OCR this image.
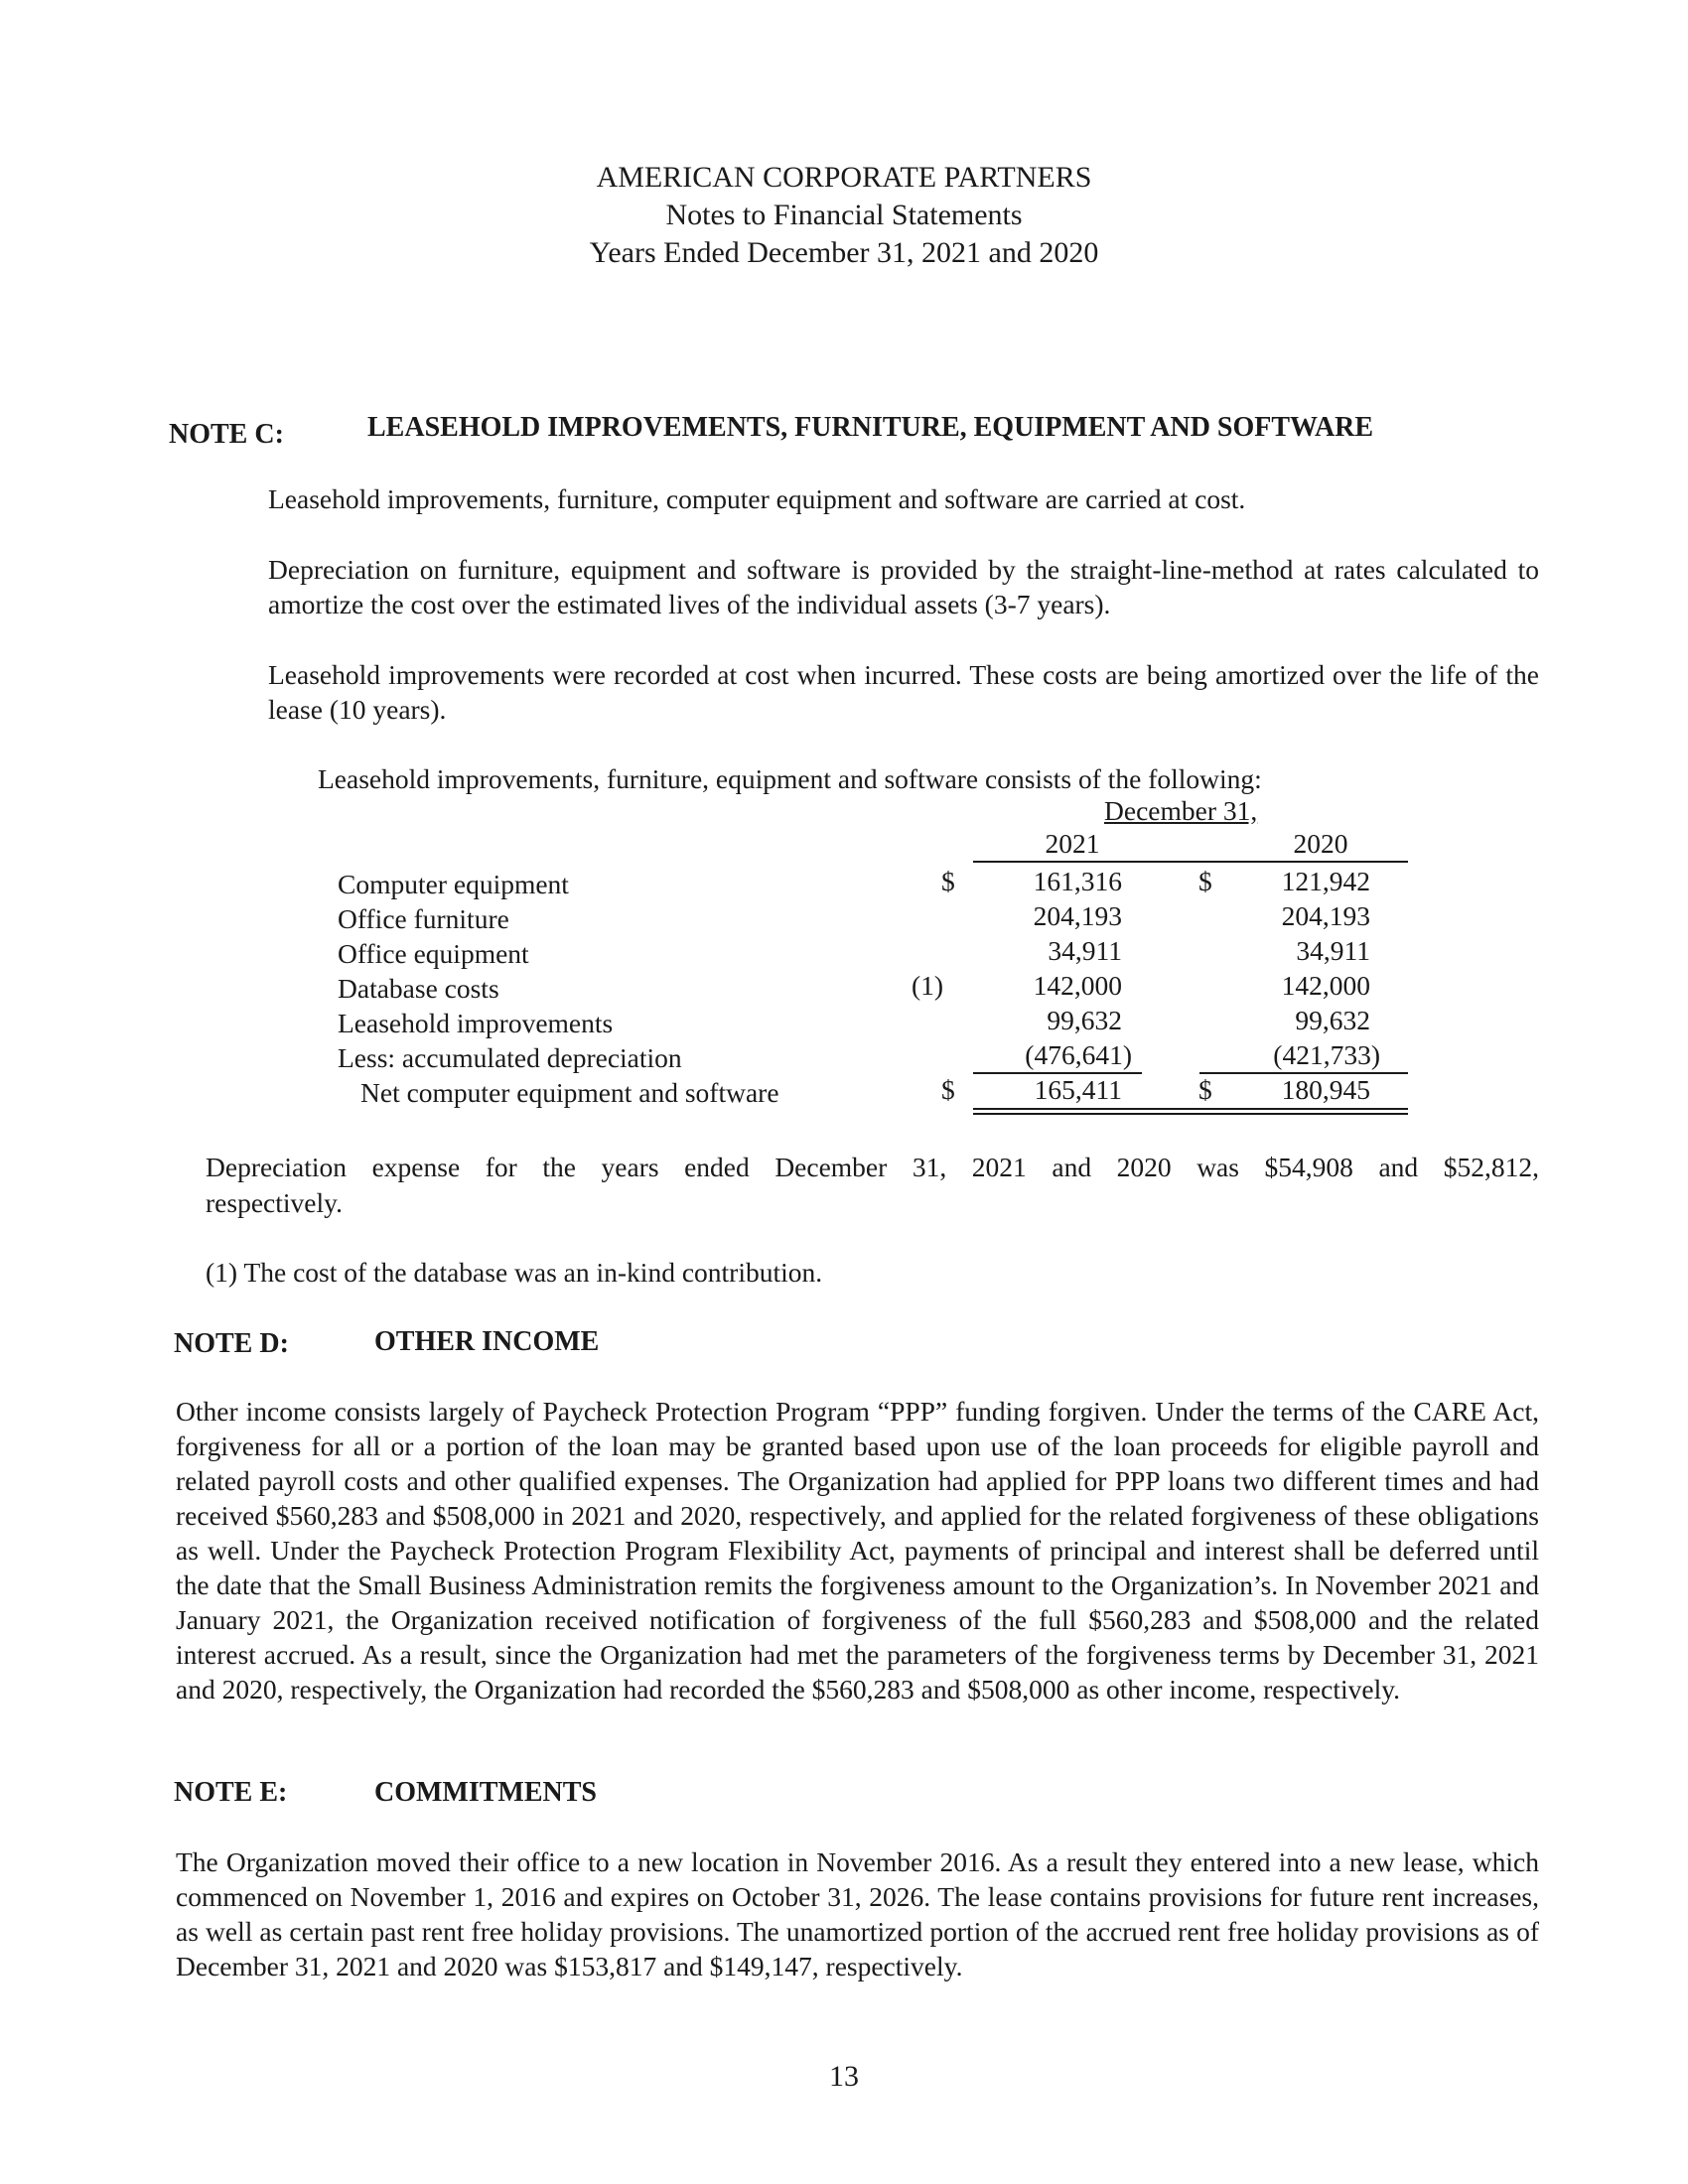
AMERICAN CORPORATE PARTNERS
Notes to Financial Statements
Years Ended December 31, 2021 and 2020
NOTE C:	LEASEHOLD IMPROVEMENTS, FURNITURE, EQUIPMENT AND SOFTWARE
Leasehold improvements, furniture, computer equipment and software are carried at cost.
Depreciation on furniture, equipment and software is provided by the straight-line-method at rates calculated to amortize the cost over the estimated lives of the individual assets (3-7 years).
Leasehold improvements were recorded at cost when incurred. These costs are being amortized over the life of the lease (10 years).
Leasehold improvements, furniture, equipment and software consists of the following:
December 31,
2021	2020
Computer equipment	$	161,316	$	121,942
Office furniture	204,193	204,193
Office equipment	34,911	34,911
Database costs	(1)	142,000	142,000
Leasehold improvements	99,632	99,632
Less: accumulated depreciation	(476,641)	(421,733)
Net computer equipment and software	$	165,411	$	180,945
Depreciation expense for the years ended December 31, 2021 and 2020 was $54,908 and $52,812,
respectively.
(1) The cost of the database was an in-kind contribution.
NOTE D:	OTHER INCOME
Other income consists largely of Paycheck Protection Program “PPP” funding forgiven. Under the terms of the CARE Act, forgiveness for all or a portion of the loan may be granted based upon use of the loan proceeds for eligible payroll and related payroll costs and other qualified expenses. The Organization had applied for PPP loans two different times and had received $560,283 and $508,000 in 2021 and 2020, respectively, and applied for the related forgiveness of these obligations as well. Under the Paycheck Protection Program Flexibility Act, payments of principal and interest shall be deferred until the date that the Small Business Administration remits the forgiveness amount to the Organization’s. In November 2021 and January 2021, the Organization received notification of forgiveness of the full $560,283 and $508,000 and the related interest accrued. As a result, since the Organization had met the parameters of the forgiveness terms by December 31, 2021 and 2020, respectively, the Organization had recorded the $560,283 and $508,000 as other income, respectively.
NOTE E:	COMMITMENTS
The Organization moved their office to a new location in November 2016. As a result they entered into a new lease, which commenced on November 1, 2016 and expires on October 31, 2026. The lease contains provisions for future rent increases, as well as certain past rent free holiday provisions. The unamortized portion of the accrued rent free holiday provisions as of December 31, 2021 and 2020 was $153,817 and $149,147, respectively.
13
